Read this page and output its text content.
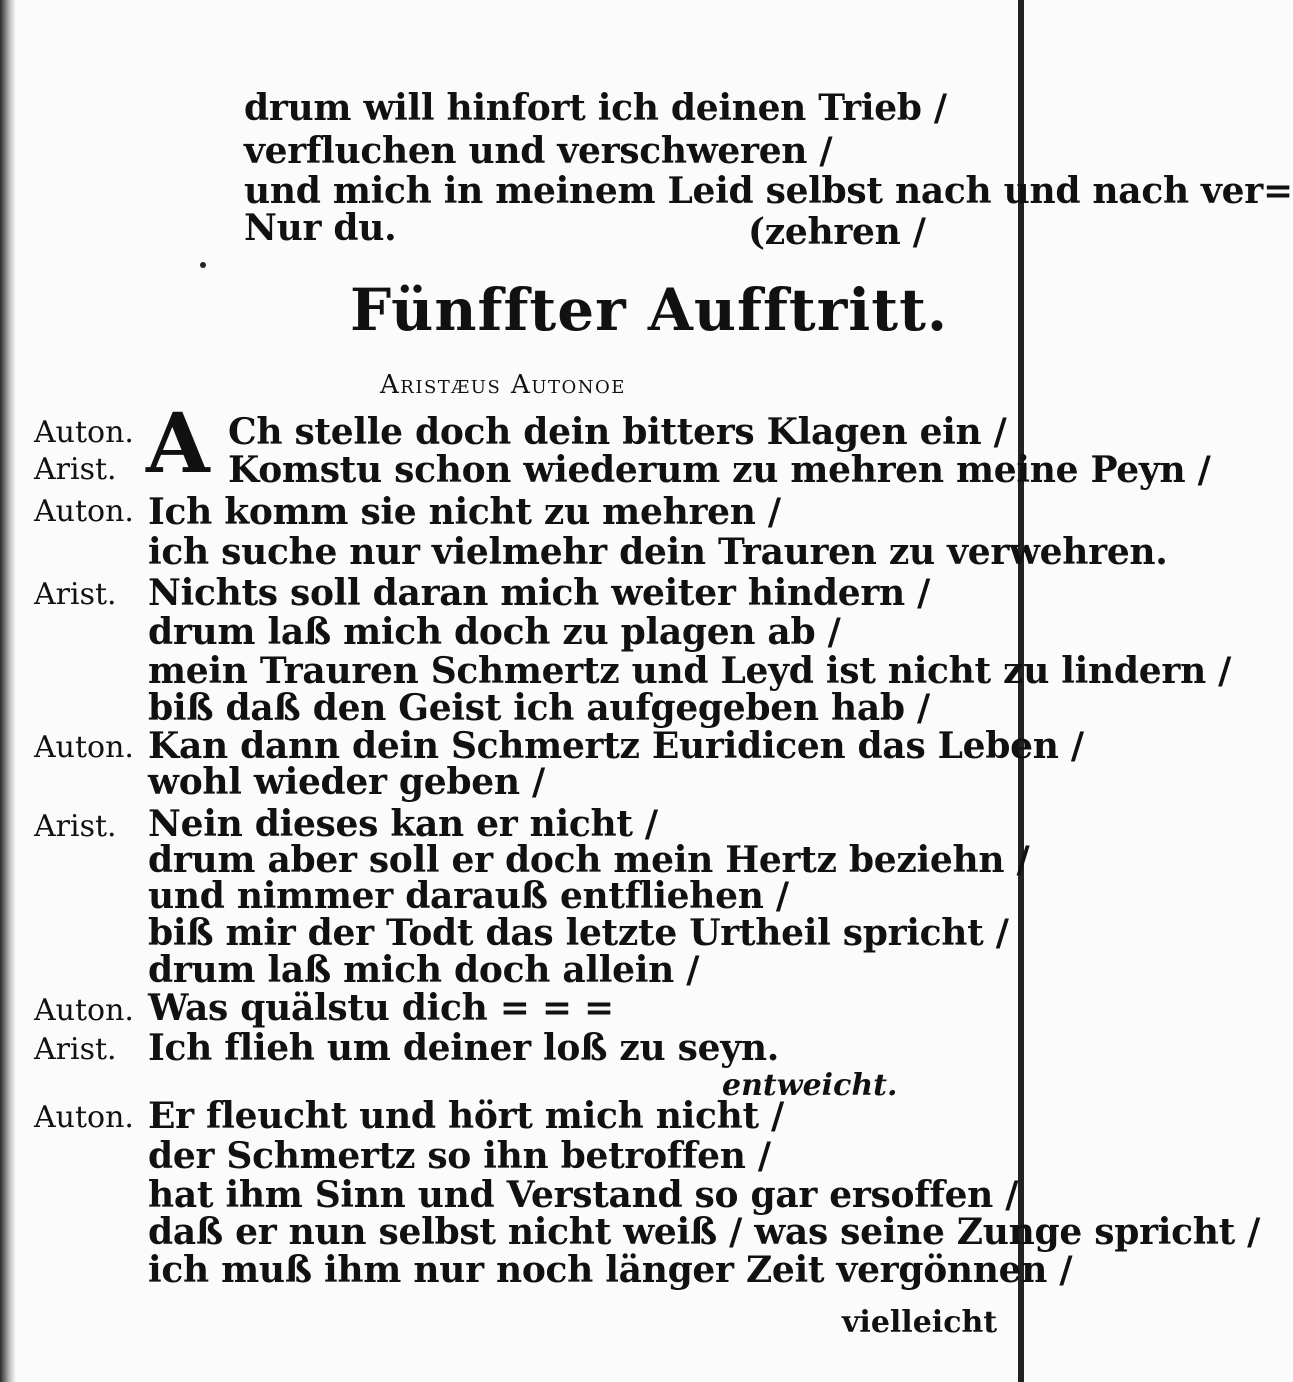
drum will hinfort ich deinen Trieb /
verfluchen und verschweren /
und mich in meinem Leid selbst nach und nach ver=
Nur du.	(zehren /
Fünffter Aufftritt.
Aristæus Autonoe
A
Auton.	Ch stelle doch dein bitters Klagen ein /
Arist.	Komstu schon wiederum zu mehren meine Peyn /
Auton. Ich komm sie nicht zu mehren /
ich suche nur vielmehr dein Trauren zu verwehren.
Arist. Nichts soll daran mich weiter hindern /
drum laß mich doch zu plagen ab /
mein Trauren Schmertz und Leyd ist nicht zu lindern /
biß daß den Geist ich aufgegeben hab /
Auton. Kan dann dein Schmertz Euridicen das Leben /
wohl wieder geben /
Arist. Nein dieses kan er nicht /
drum aber soll er doch mein Hertz beziehn /
und nimmer darauß entfliehen /
biß mir der Todt das letzte Urtheil spricht /
drum laß mich doch allein /
Auton. Was quälstu dich = = =
Arist. Ich flieh um deiner loß zu seyn.
entweicht.
Auton. Er fleucht und hört mich nicht /
der Schmertz so ihn betroffen /
hat ihm Sinn und Verstand so gar ersoffen /
daß er nun selbst nicht weiß / was seine Zunge spricht /
ich muß ihm nur noch länger Zeit vergönnen /
vielleicht
